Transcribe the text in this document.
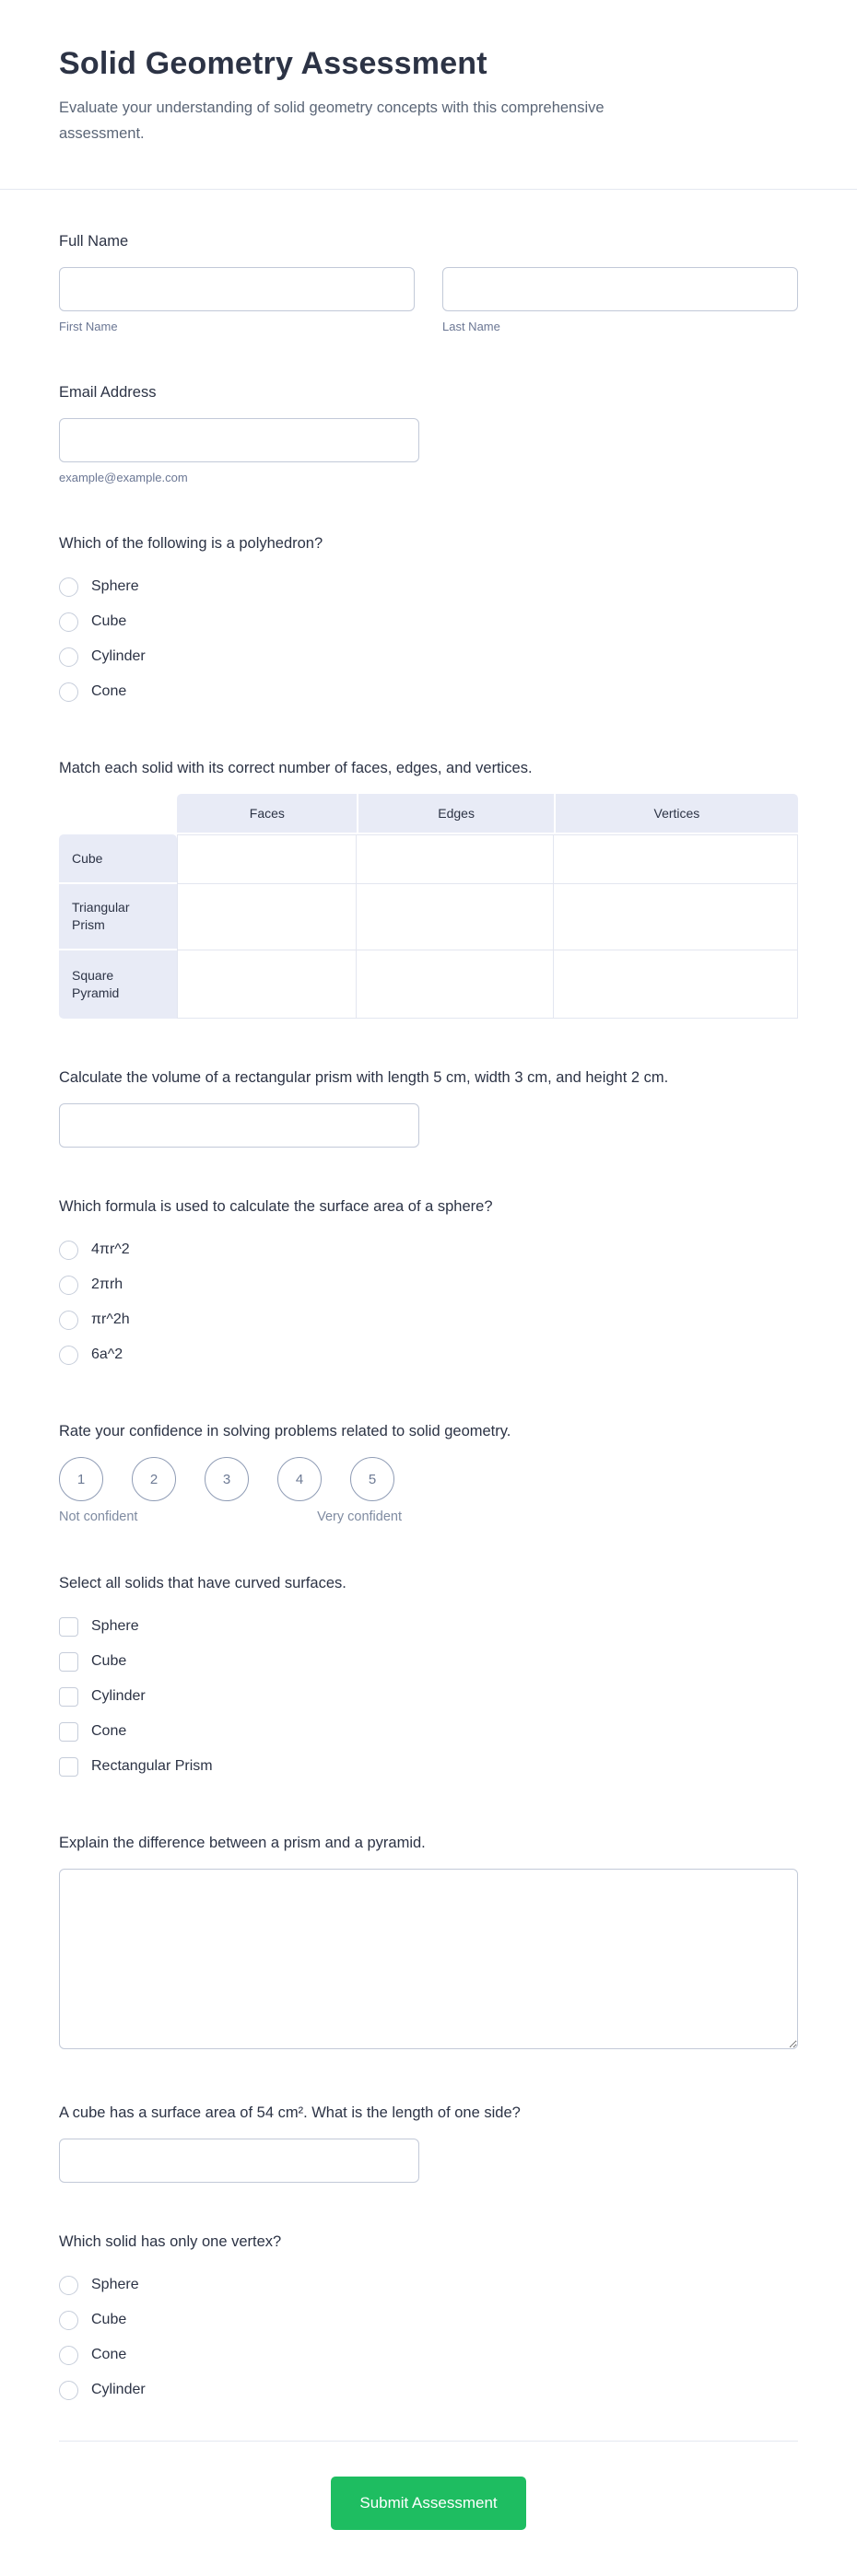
Solid Geometry Assessment

Evaluate your understanding of solid geometry concepts with this comprehensive assessment.

Full Name
First Name	Last Name
Email Address
example@example.com
Which of the following is a polyhedron?
Sphere
Cube
Cylinder
Cone
Match each solid with its correct number of faces, edges, and vertices.
	Faces	Edges	Vertices
Cube			
Triangular Prism			
Square Pyramid			
Calculate the volume of a rectangular prism with length 5 cm, width 3 cm, and height 2 cm.
Which formula is used to calculate the surface area of a sphere?
4πr^2
2πrh
πr^2h
6a^2
Rate your confidence in solving problems related to solid geometry.
1	2	3	4	5
Not confident	Very confident
Select all solids that have curved surfaces.
Sphere
Cube
Cylinder
Cone
Rectangular Prism
Explain the difference between a prism and a pyramid.
A cube has a surface area of 54 cm². What is the length of one side?
Which solid has only one vertex?
Sphere
Cube
Cone
Cylinder
Submit Assessment
